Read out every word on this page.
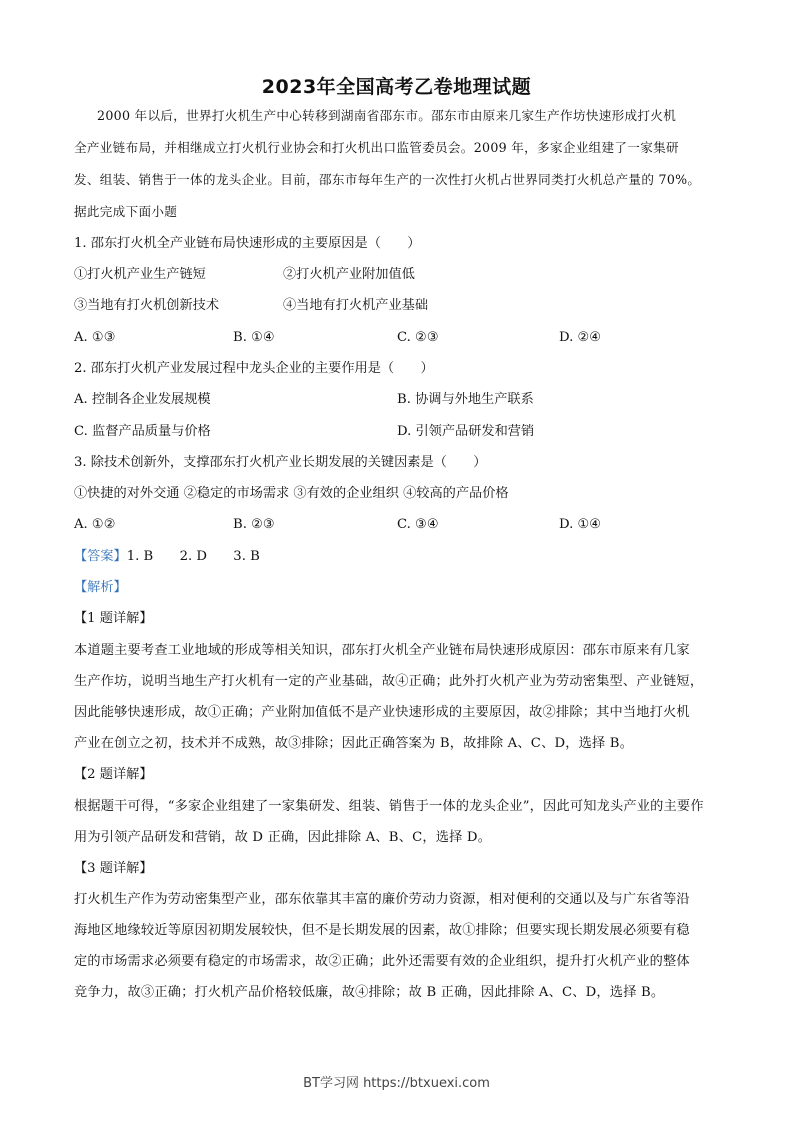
2023年全国高考乙卷地理试题
2000 年以后，世界打火机生产中心转移到湖南省邵东市。邵东市由原来几家生产作坊快速形成打火机
全产业链布局，并相继成立打火机行业协会和打火机出口监管委员会。2009 年，多家企业组建了一家集研
发、组装、销售于一体的龙头企业。目前，邵东市每年生产的一次性打火机占世界同类打火机总产量的 70%。
据此完成下面小题
1. 邵东打火机全产业链布局快速形成的主要原因是（　　）
①打火机产业生产链短	②打火机产业附加值低
③当地有打火机创新技术	④当地有打火机产业基础
A. ①③	B. ①④	C. ②③	D. ②④
2. 邵东打火机产业发展过程中龙头企业的主要作用是（　　）
A. 控制各企业发展规模	B. 协调与外地生产联系
C. 监督产品质量与价格	D. 引领产品研发和营销
3. 除技术创新外，支撑邵东打火机产业长期发展的关键因素是（　　）
①快捷的对外交通 ②稳定的市场需求 ③有效的企业组织 ④较高的产品价格
A. ①②	B. ②③	C. ③④	D. ①④
【答案】1. B　　2. D　　3. B
【解析】
【1 题详解】
本道题主要考查工业地域的形成等相关知识，邵东打火机全产业链布局快速形成原因：邵东市原来有几家
生产作坊，说明当地生产打火机有一定的产业基础，故④正确；此外打火机产业为劳动密集型、产业链短，
因此能够快速形成，故①正确；产业附加值低不是产业快速形成的主要原因，故②排除；其中当地打火机
产业在创立之初，技术并不成熟，故③排除；因此正确答案为 B，故排除 A、C、D，选择 B。
【2 题详解】
根据题干可得，“多家企业组建了一家集研发、组装、销售于一体的龙头企业”，因此可知龙头产业的主要作
用为引领产品研发和营销，故 D 正确，因此排除 A、B、C，选择 D。
【3 题详解】
打火机生产作为劳动密集型产业，邵东依靠其丰富的廉价劳动力资源，相对便利的交通以及与广东省等沿
海地区地缘较近等原因初期发展较快，但不是长期发展的因素，故①排除；但要实现长期发展必须要有稳
定的市场需求必须要有稳定的市场需求，故②正确；此外还需要有效的企业组织，提升打火机产业的整体
竞争力，故③正确；打火机产品价格较低廉，故④排除；故 B 正确，因此排除 A、C、D，选择 B。
BT学习网 https://btxuexi.com
